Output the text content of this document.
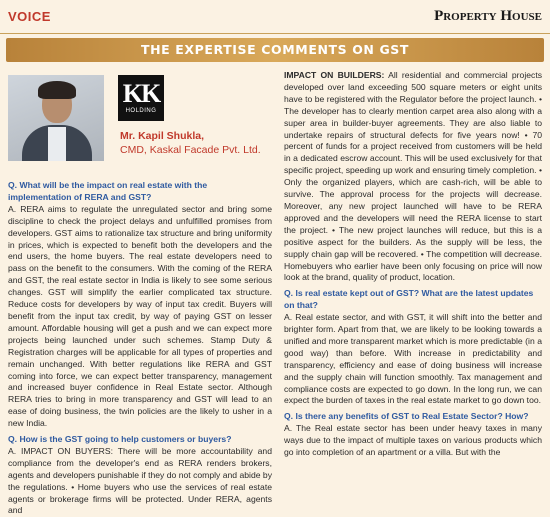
VOICE	Property House
THE EXPERTISE COMMENTS ON GST
KK
HOLDING
Mr. Kapil Shukla,
CMD, Kaskal Facade Pvt. Ltd.

Q. What will be the impact on real estate with the implementation of RERA and GST?

A. RERA aims to regulate the unregulated sector and bring some discipline to check the project delays and unfulfilled promises from developers. GST aims to rationalize tax structure and bring uniformity in prices, which is expected to benefit both the developers and the end users, the home buyers. The real estate developers need to pass on the benefit to the consumers. With the coming of the RERA and GST, the real estate sector in India is likely to see some serious changes. GST will simplify the earlier complicated tax structure. Reduce costs for developers by way of input tax credit. Buyers will benefit from the input tax credit, by way of paying GST on lesser amount. Affordable housing will get a push and we can expect more projects being launched under such schemes. Stamp Duty & Registration charges will be applicable for all types of properties and remain unchanged. With better regulations like RERA and GST coming into force, we can expect better transparency, management and increased buyer confidence in Real Estate sector. Although RERA tries to bring in more transparency and GST will lead to an ease of doing business, the twin policies are the likely to usher in a new India.

Q. How is the GST going to help customers or buyers?

A. IMPACT ON BUYERS: There will be more accountability and compliance from the developer's end as RERA renders brokers, agents and developers punishable if they do not comply and abide by the regulations. • Home buyers who use the services of real estate agents or brokerage firms will be protected. Under RERA, agents and

IMPACT ON BUILDERS: All residential and commercial projects developed over land exceeding 500 square meters or eight units have to be registered with the Regulator before the project launch. • The developer has to clearly mention carpet area also along with a super area in builder-buyer agreements. They are also liable to undertake repairs of structural defects for five years now! • 70 percent of funds for a project received from customers will be held in a dedicated escrow account. This will be used exclusively for that specific project, speeding up work and ensuring timely completion. • Only the organized players, which are cash-rich, will be able to survive. The approval process for the projects will decrease. Moreover, any new project launched will have to be RERA approved and the developers will need the RERA license to start the project. • The new project launches will reduce, but this is a positive aspect for the builders. As the supply will be less, the supply chain gap will be recovered. • The competition will decrease. Homebuyers who earlier have been only focusing on price will now look at the brand, quality of product, location.

Q. Is real estate kept out of GST? What are the latest updates on that?

A. Real estate sector, and with GST, it will shift into the better and brighter form. Apart from that, we are likely to be looking towards a unified and more transparent market which is more predictable (in a good way) than before. With increase in predictability and transparency, efficiency and ease of doing business will increase and the supply chain will function smoothly. Tax management and compliance costs are expected to go down. In the long run, we can expect the burden of taxes in the real estate market to go down too.

Q. Is there any benefits of GST to Real Estate Sector? How?

A. The Real estate sector has been under heavy taxes in many ways due to the impact of multiple taxes on various products which go into completion of an apartment or a villa. But with the
